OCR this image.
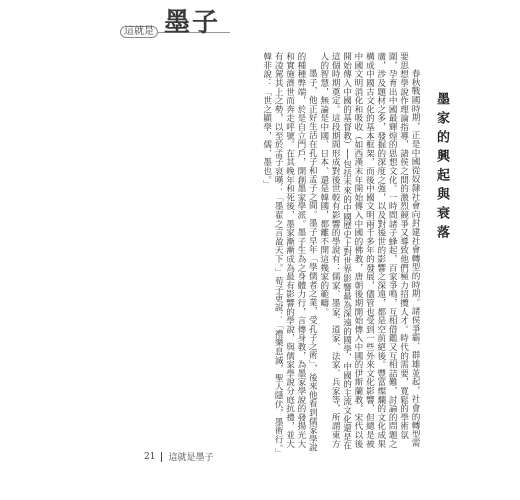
這就是 墨子
墨家的興起與衰落

春秋戰國時期，正是中國從奴隸社會向封建社會轉型的時期。諸侯爭霸、群雄並起，社會的轉型需要思想學說作理論指導，諸侯之間的激烈競爭又導致他們極力招攬人才。時代的需要，寬鬆的學術氛圍，孕育出中國最輝煌的思想文化。一時間諸子蜂起，百家爭鳴，互相借鑑又互相詰難，討論的問題之廣，涉及題材之多，發掘的深度之強，以及對後世的影響之深遠，都是空前絕後。豐富燦爛的文化成果構成中國古文化的基本框架，而後中國文明兩千多年的發展，儘管也受到一些外來文化影響，但總是被中國文明消化和吸收（如西漢末年開始傳入中國的佛教，唐朝後期開始傳入中國的伊斯蘭教，宋代以後開始傳入中國的基督教）──包括未來的中國歷史上對世界影響最為深遠的國學，中國的主流文化還是在這個時期奠定。這段期間形成對後世較有影響的學說有：儒家、墨家、道家、法家、兵家等，所謂東方人的智慧，無論是中國、日本、還是韓國，都離不開這幾家的範疇。

墨子，他正好生活在孔子和孟子之間。墨子早年「學儒者之業，受孔子之術」，後來他看到儒家學說的種種弊端，於是自立門戶，開創墨家學派。墨子生為之身體力行，言傳身教，為墨家學說的發揚光大和實施濟世而奔走呼號。在其晚年和死後，墨家漸漸成為最有影響的學說，與儒家學說分庭抗禮，並大有凌駕其上之勢，以至於孟子哀嘆：「墨翟之言盈天下。」荀子更說：「禮樂息滅，聖人隱伏，墨術行。」韓非說：「世之顯學，儒、墨也。」

21	這就是墨子
